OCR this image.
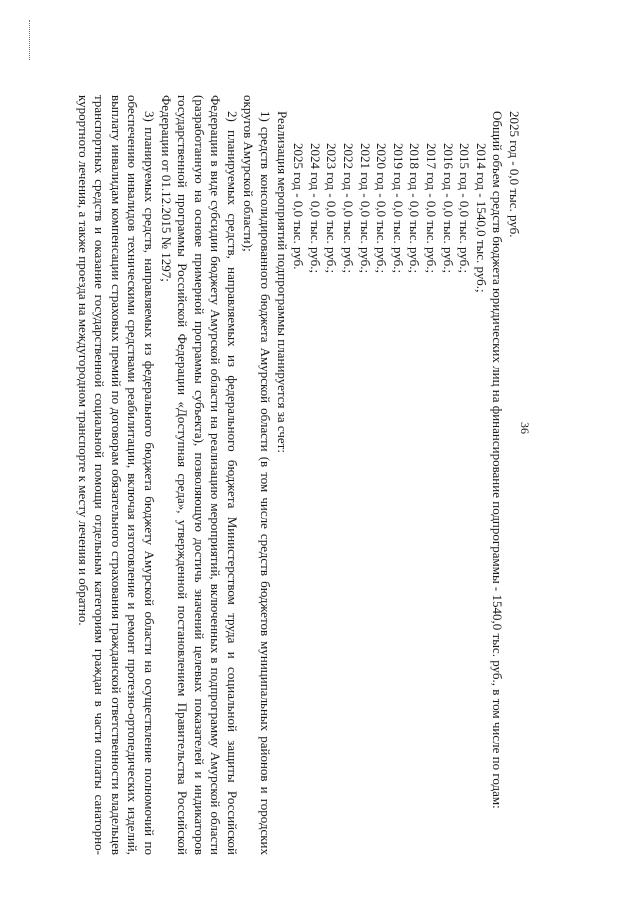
36

2025 год - 0,0 тыс. руб.

Общий объем средств бюджета юридических лиц на финансирование подпрограммы - 1540,0 тыс. руб., в том числе по годам:

2014 год - 1540,0 тыс. руб.;

2015 год - 0,0 тыс. руб.;

2016 год - 0,0 тыс. руб.;

2017 год - 0,0 тыс. руб.;

2018 год - 0,0 тыс. руб.;

2019 год - 0,0 тыс. руб.;

2020 год - 0,0 тыс. руб.;

2021 год - 0,0 тыс. руб.;

2022 год - 0,0 тыс. руб.;

2023 год - 0,0 тыс. руб.;

2024 год - 0,0 тыс. руб.;

2025 год - 0,0 тыс. руб.

Реализация мероприятий подпрограммы планируется за счет:

1) средств консолидированного бюджета Амурской области (в том числе средств бюджетов муниципальных районов и городских округов Амурской области);

2) планируемых средств, направляемых из федерального бюджета Министерством труда и социальной защиты Российской Федерации в виде субсидии бюджету Амурской области на реализацию мероприятий, включенных в подпрограмму Амурской области (разработанную на основе примерной программы субъекта), позволяющую достичь значений целевых показателей и индикаторов государственной программы Российской Федерации «Доступная среда», утвержденной постановлением Правительства Российской Федерации от 01.12.2015 № 1297;

3) планируемых средств, направляемых из федерального бюджета бюджету Амурской области на осуществление полномочий по обеспечению инвалидов техническими средствами реабилитации, включая изготовление и ремонт протезно-ортопедических изделий, выплату инвалидам компенсации страховых премий по договорам обязательного страхования гражданской ответственности владельцев транспортных средств и оказание государственной социальной помощи отдельным категориям граждан в части оплаты санаторно-курортного лечения, а также проезда на междугородном транспорте к месту лечения и обратно.
